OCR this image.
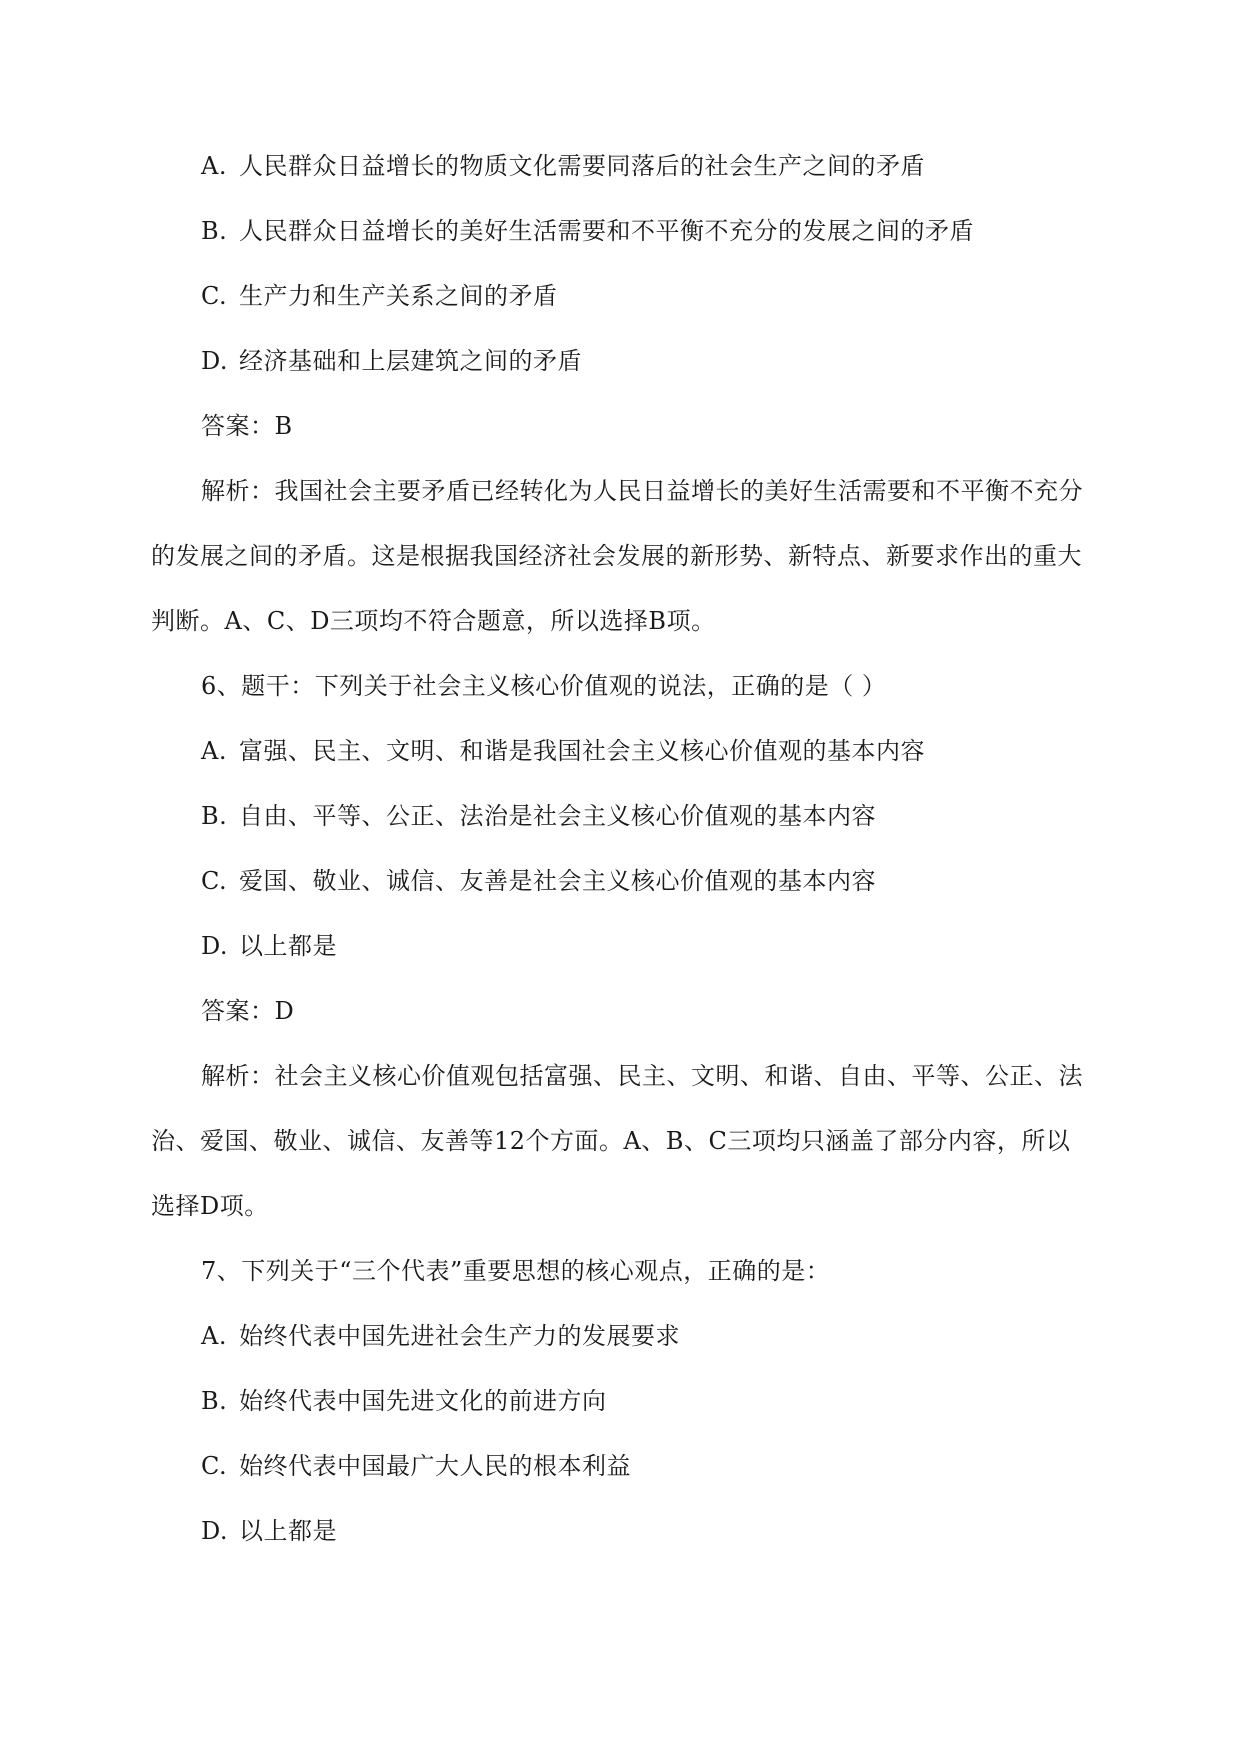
A. 人民群众日益增长的物质文化需要同落后的社会生产之间的矛盾
B. 人民群众日益增长的美好生活需要和不平衡不充分的发展之间的矛盾
C. 生产力和生产关系之间的矛盾
D. 经济基础和上层建筑之间的矛盾
答案：B
解析：我国社会主要矛盾已经转化为人民日益增长的美好生活需要和不平衡不充分
的发展之间的矛盾。这是根据我国经济社会发展的新形势、新特点、新要求作出的重大
判断。A、C、D三项均不符合题意，所以选择B项。
6、题干：下列关于社会主义核心价值观的说法，正确的是（ ）
A. 富强、民主、文明、和谐是我国社会主义核心价值观的基本内容
B. 自由、平等、公正、法治是社会主义核心价值观的基本内容
C. 爱国、敬业、诚信、友善是社会主义核心价值观的基本内容
D. 以上都是
答案：D
解析：社会主义核心价值观包括富强、民主、文明、和谐、自由、平等、公正、法
治、爱国、敬业、诚信、友善等12个方面。A、B、C三项均只涵盖了部分内容，所以
选择D项。
7、下列关于“三个代表”重要思想的核心观点，正确的是：
A. 始终代表中国先进社会生产力的发展要求
B. 始终代表中国先进文化的前进方向
C. 始终代表中国最广大人民的根本利益
D. 以上都是
